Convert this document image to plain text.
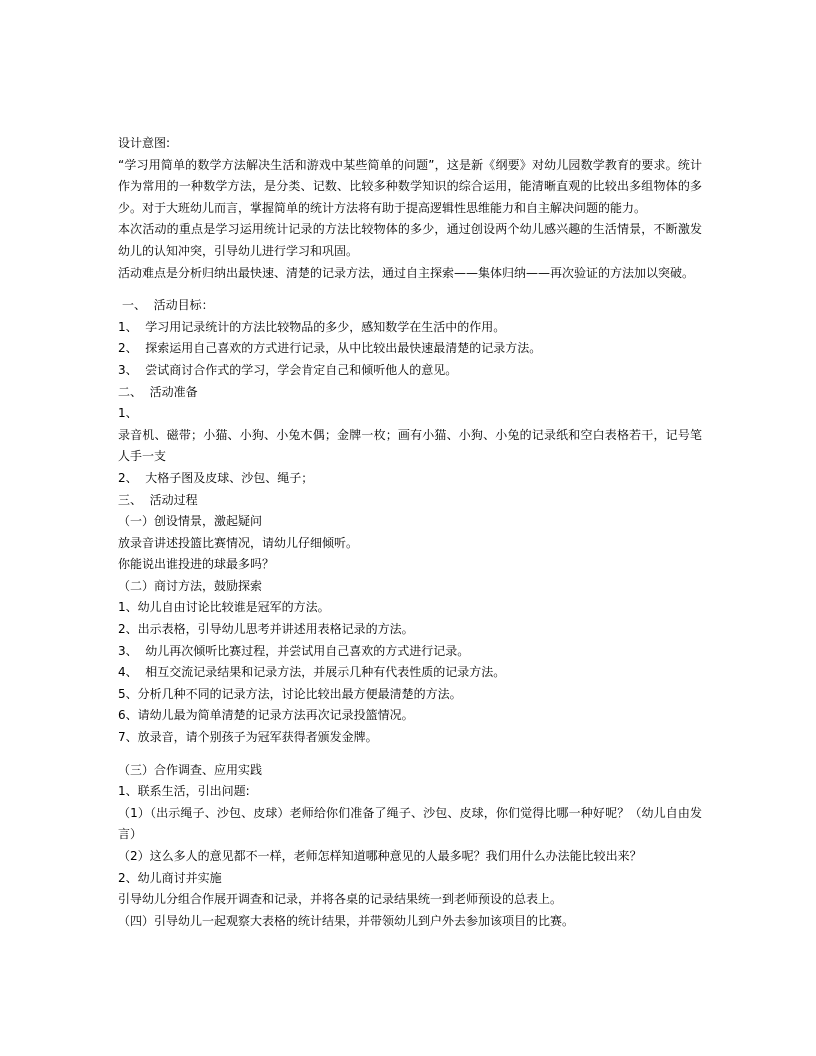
设计意图:

“学习用简单的数学方法解决生活和游戏中某些简单的问题”，这是新《纲要》对幼儿园数学教育的要求。统计作为常用的一种数学方法，是分类、记数、比较多种数学知识的综合运用，能清晰直观的比较出多组物体的多少。对于大班幼儿而言，掌握简单的统计方法将有助于提高逻辑性思维能力和自主解决问题的能力。

本次活动的重点是学习运用统计记录的方法比较物体的多少，通过创设两个幼儿感兴趣的生活情景，不断激发幼儿的认知冲突，引导幼儿进行学习和巩固。

活动难点是分析归纳出最快速、清楚的记录方法，通过自主探索——集体归纳——再次验证的方法加以突破。

一、  活动目标：

1、  学习用记录统计的方法比较物品的多少，感知数学在生活中的作用。

2、  探索运用自己喜欢的方式进行记录，从中比较出最快速最清楚的记录方法。

3、  尝试商讨合作式的学习，学会肯定自己和倾听他人的意见。

二、  活动准备

1、

录音机、磁带；小猫、小狗、小兔木偶；金牌一枚；画有小猫、小狗、小兔的记录纸和空白表格若干，记号笔人手一支

2、  大格子图及皮球、沙包、绳子；

三、  活动过程

（一）创设情景，激起疑问

放录音讲述投篮比赛情况，请幼儿仔细倾听。

你能说出谁投进的球最多吗？

（二）商讨方法，鼓励探索

1、幼儿自由讨论比较谁是冠军的方法。

2、出示表格，引导幼儿思考并讲述用表格记录的方法。

3、  幼儿再次倾听比赛过程，并尝试用自己喜欢的方式进行记录。

4、  相互交流记录结果和记录方法，并展示几种有代表性质的记录方法。

5、分析几种不同的记录方法，讨论比较出最方便最清楚的方法。

6、请幼儿最为简单清楚的记录方法再次记录投篮情况。

7、放录音，请个别孩子为冠军获得者颁发金牌。

（三）合作调查、应用实践

1、联系生活，引出问题:

（1）（出示绳子、沙包、皮球）老师给你们准备了绳子、沙包、皮球，你们觉得比哪一种好呢？（幼儿自由发言）

（2）这么多人的意见都不一样，老师怎样知道哪种意见的人最多呢？我们用什么办法能比较出来？

2、幼儿商讨并实施

引导幼儿分组合作展开调查和记录，并将各桌的记录结果统一到老师预设的总表上。

（四）引导幼儿一起观察大表格的统计结果，并带领幼儿到户外去参加该项目的比赛。
